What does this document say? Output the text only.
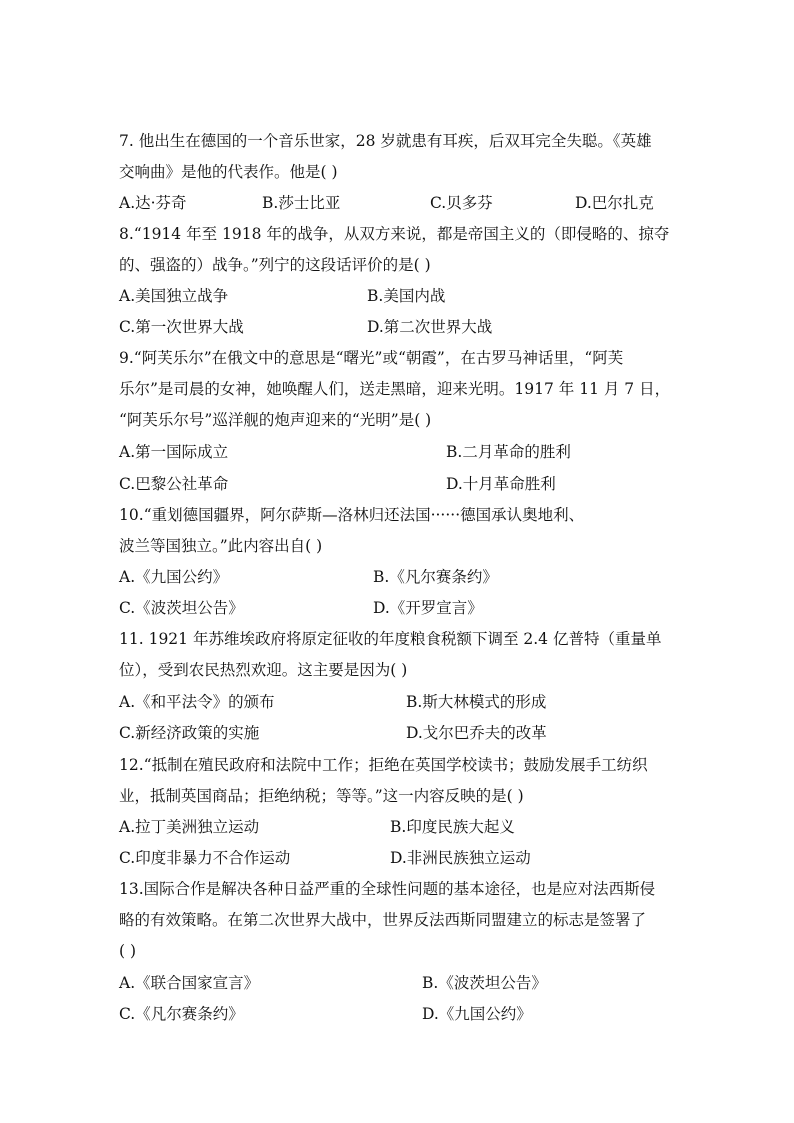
7. 他出生在德国的一个音乐世家，28 岁就患有耳疾，后双耳完全失聪。《英雄
交响曲》是他的代表作。他是( )
A.达·芬奇	B.莎士比亚	C.贝多芬	D.巴尔扎克
8.“1914 年至 1918 年的战争，从双方来说，都是帝国主义的（即侵略的、掠夺
的、强盗的）战争。”列宁的这段话评价的是( )
A.美国独立战争	B.美国内战
C.第一次世界大战	D.第二次世界大战
9.“阿芙乐尔”在俄文中的意思是“曙光”或“朝霞”，在古罗马神话里，“阿芙
乐尔”是司晨的女神，她唤醒人们，送走黑暗，迎来光明。1917 年 11 月 7 日，
“阿芙乐尔号”巡洋舰的炮声迎来的“光明”是( )
A.第一国际成立	B.二月革命的胜利
C.巴黎公社革命	D.十月革命胜利
10.“重划德国疆界，阿尔萨斯—洛林归还法国······德国承认奥地利、
波兰等国独立。”此内容出自( )
A.《九国公约》	B.《凡尔赛条约》
C.《波茨坦公告》	D.《开罗宣言》
11. 1921 年苏维埃政府将原定征收的年度粮食税额下调至 2.4 亿普特（重量单
位），受到农民热烈欢迎。这主要是因为( )
A.《和平法令》的颁布	B.斯大林模式的形成
C.新经济政策的实施	D.戈尔巴乔夫的改革
12.“抵制在殖民政府和法院中工作；拒绝在英国学校读书；鼓励发展手工纺织
业，抵制英国商品；拒绝纳税；等等。”这一内容反映的是( )
A.拉丁美洲独立运动	B.印度民族大起义
C.印度非暴力不合作运动	D.非洲民族独立运动
13.国际合作是解决各种日益严重的全球性问题的基本途径，也是应对法西斯侵
略的有效策略。在第二次世界大战中，世界反法西斯同盟建立的标志是签署了
( )
A.《联合国家宣言》	B.《波茨坦公告》
C.《凡尔赛条约》	D.《九国公约》
